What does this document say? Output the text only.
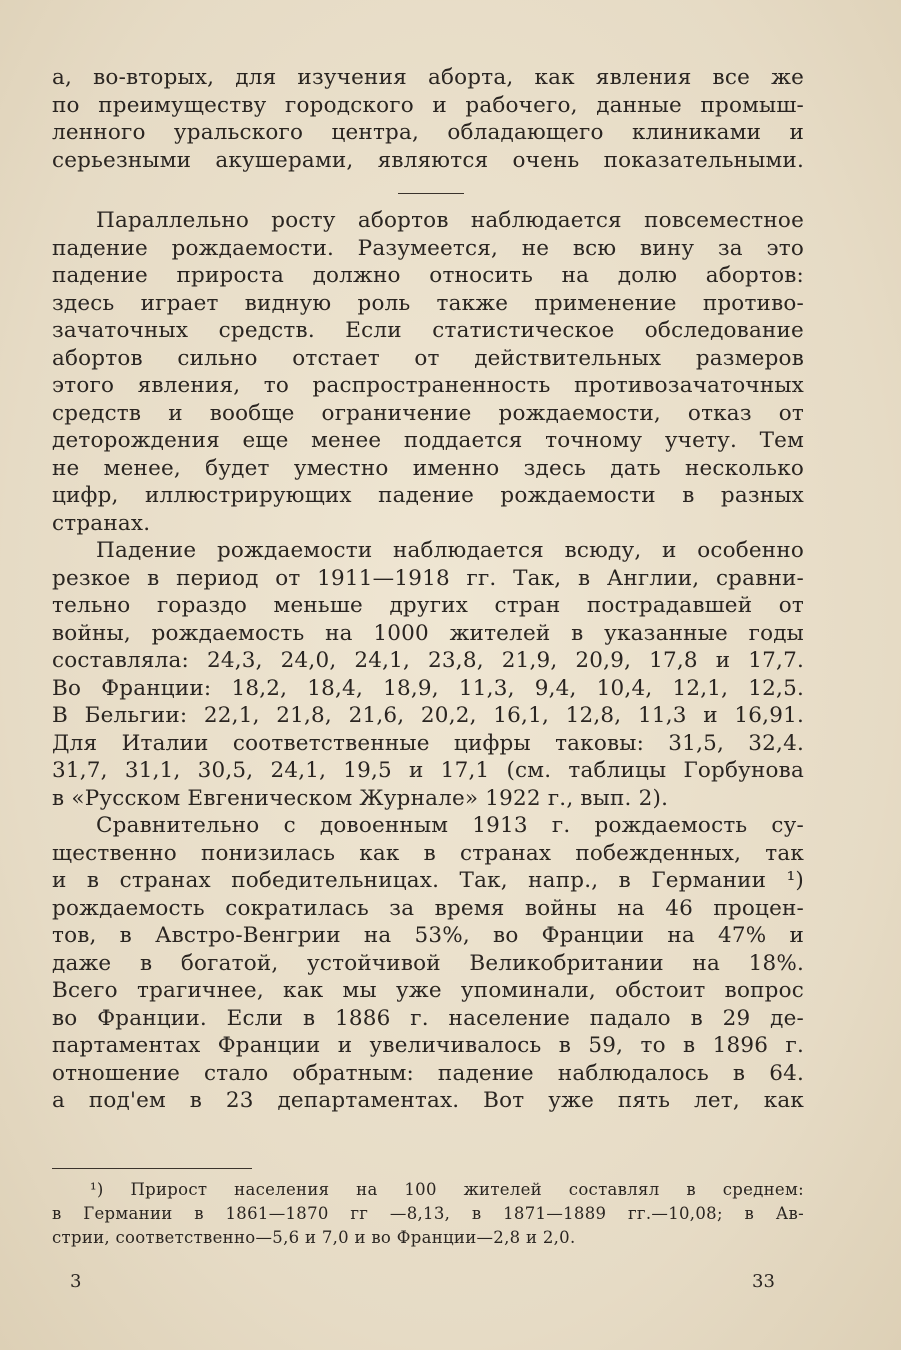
а, во-вторых, для изучения аборта, как явления все же
по преимуществу городского и рабочего, данные промыш-
ленного уральского центра, обладающего клиниками и
серьезными акушерами, являются очень показательными.
Параллельно росту абортов наблюдается повсеместное
падение рождаемости. Разумеется, не всю вину за это
падение прироста должно относить на долю абортов:
здесь играет видную роль также применение противо-
зачаточных средств. Если статистическое обследование
абортов сильно отстает от действительных размеров
этого явления, то распространенность противозачаточных
средств и вообще ограничение рождаемости, отказ от
деторождения еще менее поддается точному учету. Тем
не менее, будет уместно именно здесь дать несколько
цифр, иллюстрирующих падение рождаемости в разных
странах.
Падение рождаемости наблюдается всюду, и особенно
резкое в период от 1911—1918 гг. Так, в Англии, сравни-
тельно гораздо меньше других стран пострадавшей от
войны, рождаемость на 1000 жителей в указанные годы
составляла: 24,3, 24,0, 24,1, 23,8, 21,9, 20,9, 17,8 и 17,7.
Во Франции: 18,2, 18,4, 18,9, 11,3, 9,4, 10,4, 12,1, 12,5.
В Бельгии: 22,1, 21,8, 21,6, 20,2, 16,1, 12,8, 11,3 и 16,91.
Для Италии соответственные цифры таковы: 31,5, 32,4.
31,7, 31,1, 30,5, 24,1, 19,5 и 17,1 (см. таблицы Горбунова
в «Русском Евгеническом Журнале» 1922 г., вып. 2).
Сравнительно с довоенным 1913 г. рождаемость су-
щественно понизилась как в странах побежденных, так
и в странах победительницах. Так, напр., в Германии ¹)
рождаемость сократилась за время войны на 46 процен-
тов, в Австро-Венгрии на 53%, во Франции на 47% и
даже в богатой, устойчивой Великобритании на 18%.
Всего трагичнее, как мы уже упоминали, обстоит вопрос
во Франции. Если в 1886 г. население падало в 29 де-
партаментах Франции и увеличивалось в 59, то в 1896 г.
отношение стало обратным: падение наблюдалось в 64.
а под'ем в 23 департаментах. Вот уже пять лет, как
¹) Прирост населения на 100 жителей составлял в среднем:
в Германии в 1861—1870 гг —8,13, в 1871—1889 гг.—10,08; в Ав-
стрии, соответственно—5,6 и 7,0 и во Франции—2,8 и 2,0.
3	33
